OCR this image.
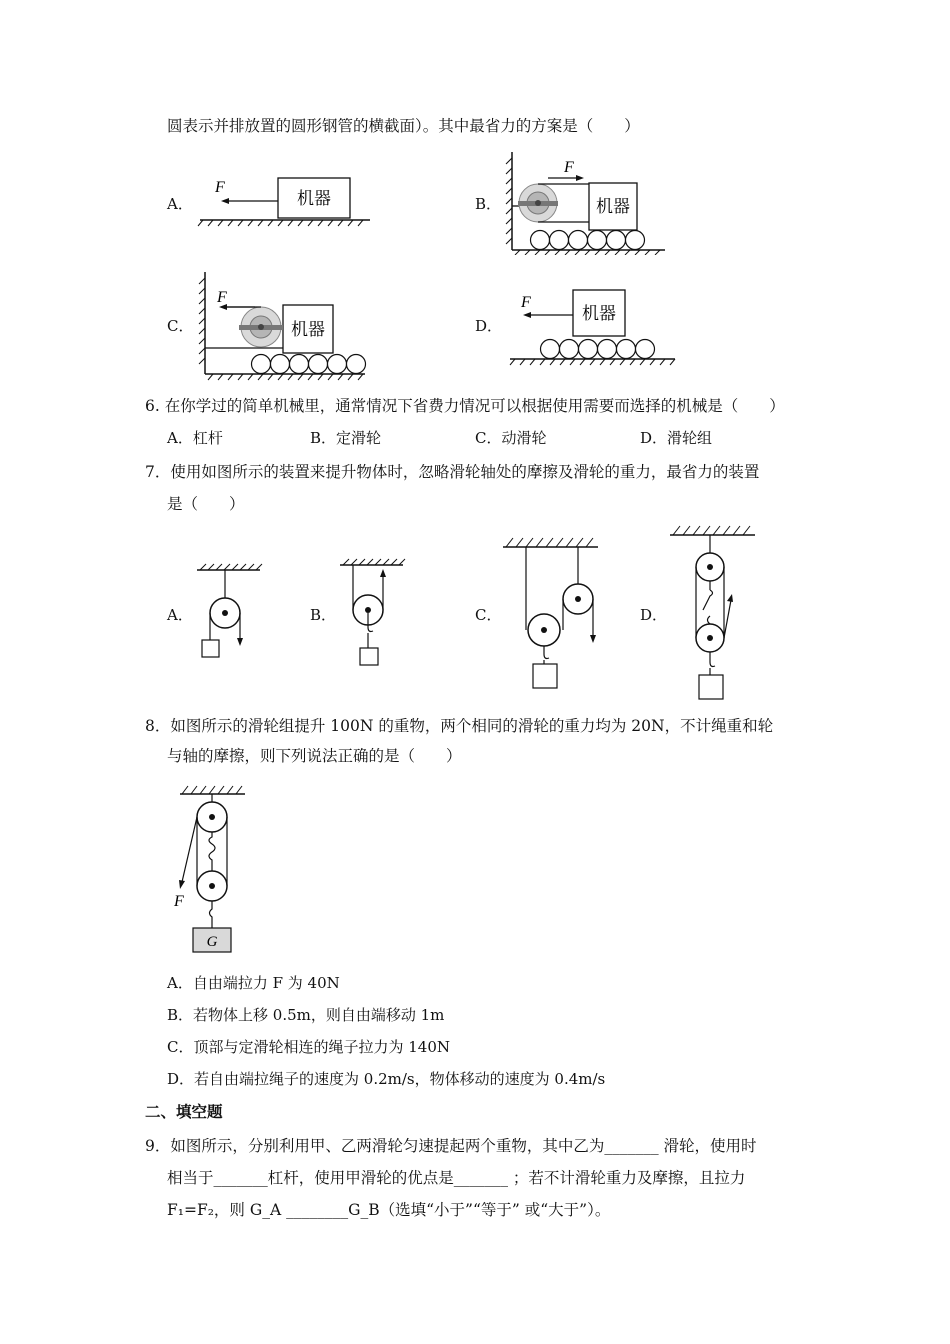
圆表示并排放置的圆形钢管的横截面）。其中最省力的方案是（　　）
A．	机器
F
B．	机器
F
C．	机器
F
D．
机器
F
6. 在你学过的简单机械里，通常情况下省费力情况可以根据使用需要而选择的机械是（　　）
A．杠杆	B．定滑轮	C．动滑轮	D．滑轮组
7．使用如图所示的装置来提升物体时，忽略滑轮轴处的摩擦及滑轮的重力，最省力的装置
是（　　）
A．	B．	C．	D．
8．如图所示的滑轮组提升 100N 的重物，两个相同的滑轮的重力均为 20N，不计绳重和轮
与轴的摩擦，则下列说法正确的是（　　）
F
G
A．自由端拉力 F 为 40N
B．若物体上移 0.5m，则自由端移动 1m
C．顶部与定滑轮相连的绳子拉力为 140N
D．若自由端拉绳子的速度为 0.2m/s，物体移动的速度为 0.4m/s
二、填空题
9．如图所示，分别利用甲、乙两滑轮匀速提起两个重物，其中乙为_______ 滑轮，使用时
相当于_______杠杆，使用甲滑轮的优点是_______ ；若不计滑轮重力及摩擦，且拉力
F₁=F₂，则 G_A ________G_B（选填“小于”“等于” 或“大于”）。
